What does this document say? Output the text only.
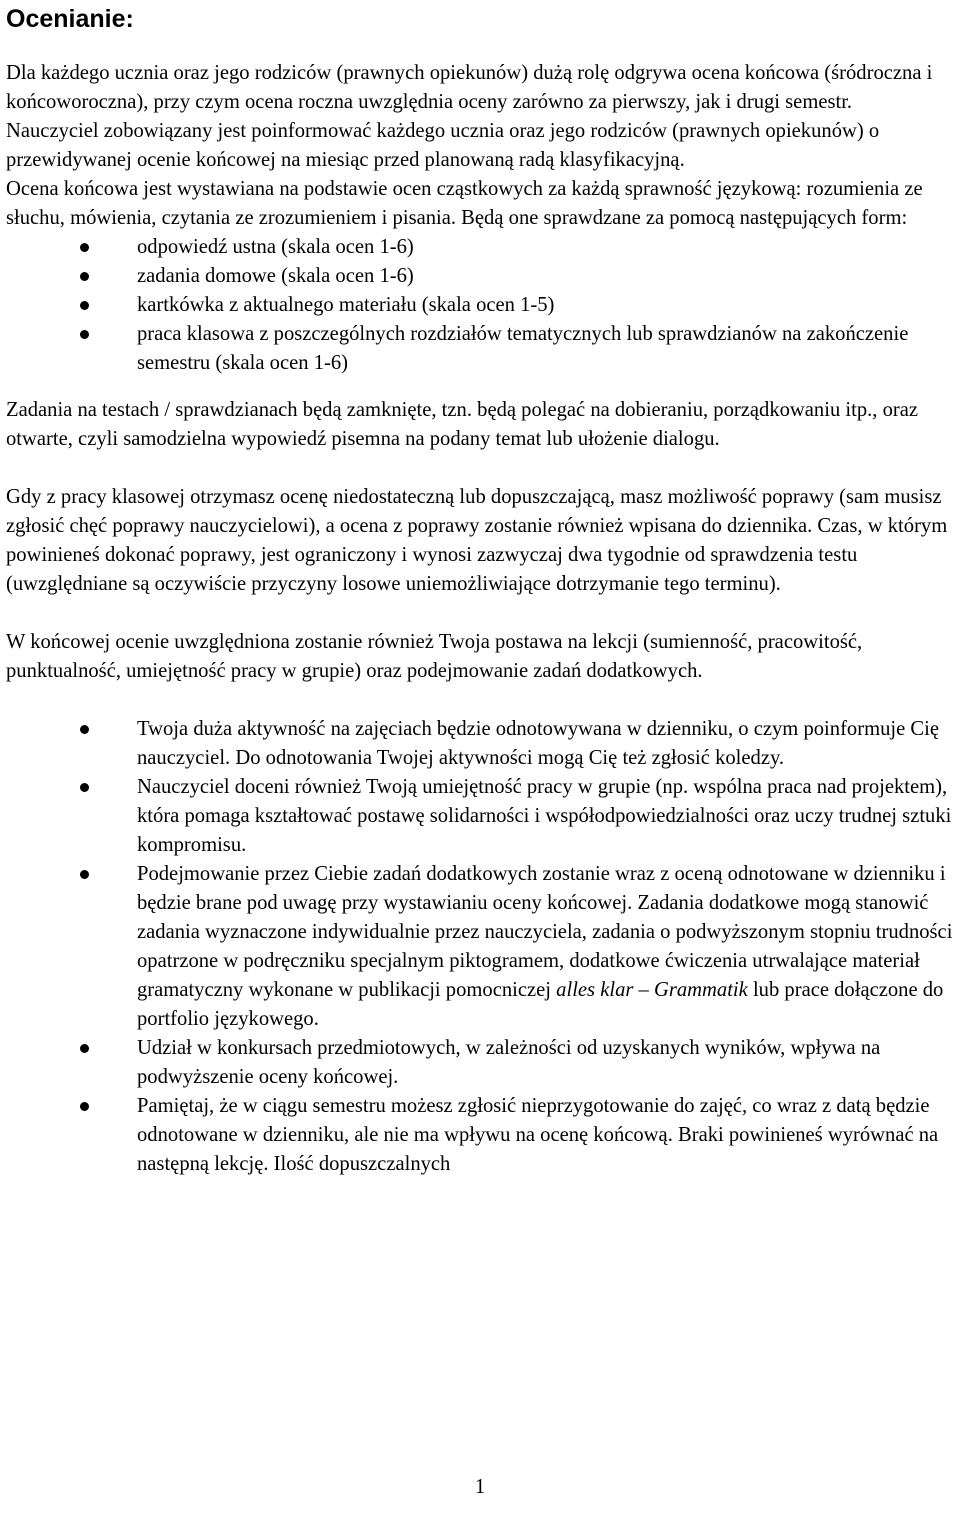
Ocenianie:

Dla każdego ucznia oraz jego rodziców (prawnych opiekunów) dużą rolę odgrywa ocena końcowa (śródroczna i końcoworoczna), przy czym ocena roczna uwzględnia oceny zarówno za pierwszy, jak i drugi semestr.

Nauczyciel zobowiązany jest poinformować każdego ucznia oraz jego rodziców (prawnych opiekunów) o przewidywanej ocenie końcowej na miesiąc przed planowaną radą klasyfikacyjną.

Ocena końcowa jest wystawiana na podstawie ocen cząstkowych za każdą sprawność językową: rozumienia ze słuchu, mówienia, czytania ze zrozumieniem i pisania. Będą one sprawdzane za pomocą następujących form:

odpowiedź ustna (skala ocen 1-6)
zadania domowe (skala ocen 1-6)
kartkówka z aktualnego materiału (skala ocen 1-5)
praca klasowa z poszczególnych rozdziałów tematycznych lub sprawdzianów na zakończenie semestru (skala ocen 1-6)

Zadania na testach / sprawdzianach będą zamknięte, tzn. będą polegać na dobieraniu, porządkowaniu itp., oraz otwarte, czyli samodzielna wypowiedź pisemna na podany temat lub ułożenie dialogu.

Gdy z pracy klasowej otrzymasz ocenę niedostateczną lub dopuszczającą, masz możliwość poprawy (sam musisz zgłosić chęć poprawy nauczycielowi), a ocena z poprawy zostanie również wpisana do dziennika. Czas, w którym powinieneś dokonać poprawy, jest ograniczony i wynosi zazwyczaj dwa tygodnie od sprawdzenia testu (uwzględniane są oczywiście przyczyny losowe uniemożliwiające dotrzymanie tego terminu).

W końcowej ocenie uwzględniona zostanie również Twoja postawa na lekcji (sumienność, pracowitość, punktualność, umiejętność pracy w grupie) oraz podejmowanie zadań dodatkowych.

Twoja duża aktywność na zajęciach będzie odnotowywana w dzienniku, o czym poinformuje Cię nauczyciel. Do odnotowania Twojej aktywności mogą Cię też zgłosić koledzy.
Nauczyciel doceni również Twoją umiejętność pracy w grupie (np. wspólna praca nad projektem), która pomaga kształtować postawę solidarności i współodpowiedzialności oraz uczy trudnej sztuki kompromisu.
Podejmowanie przez Ciebie zadań dodatkowych zostanie wraz z oceną odnotowane w dzienniku i będzie brane pod uwagę przy wystawianiu oceny końcowej. Zadania dodatkowe mogą stanowić zadania wyznaczone indywidualnie przez nauczyciela, zadania o podwyższonym stopniu trudności opatrzone w podręczniku specjalnym piktogramem, dodatkowe ćwiczenia utrwalające materiał gramatyczny wykonane w publikacji pomocniczej alles klar – Grammatik lub prace dołączone do portfolio językowego.
Udział w konkursach przedmiotowych, w zależności od uzyskanych wyników, wpływa na podwyższenie oceny końcowej.
Pamiętaj, że w ciągu semestru możesz zgłosić nieprzygotowanie do zajęć, co wraz z datą będzie odnotowane w dzienniku, ale nie ma wpływu na ocenę końcową. Braki powinieneś wyrównać na następną lekcję. Ilość dopuszczalnych
1
